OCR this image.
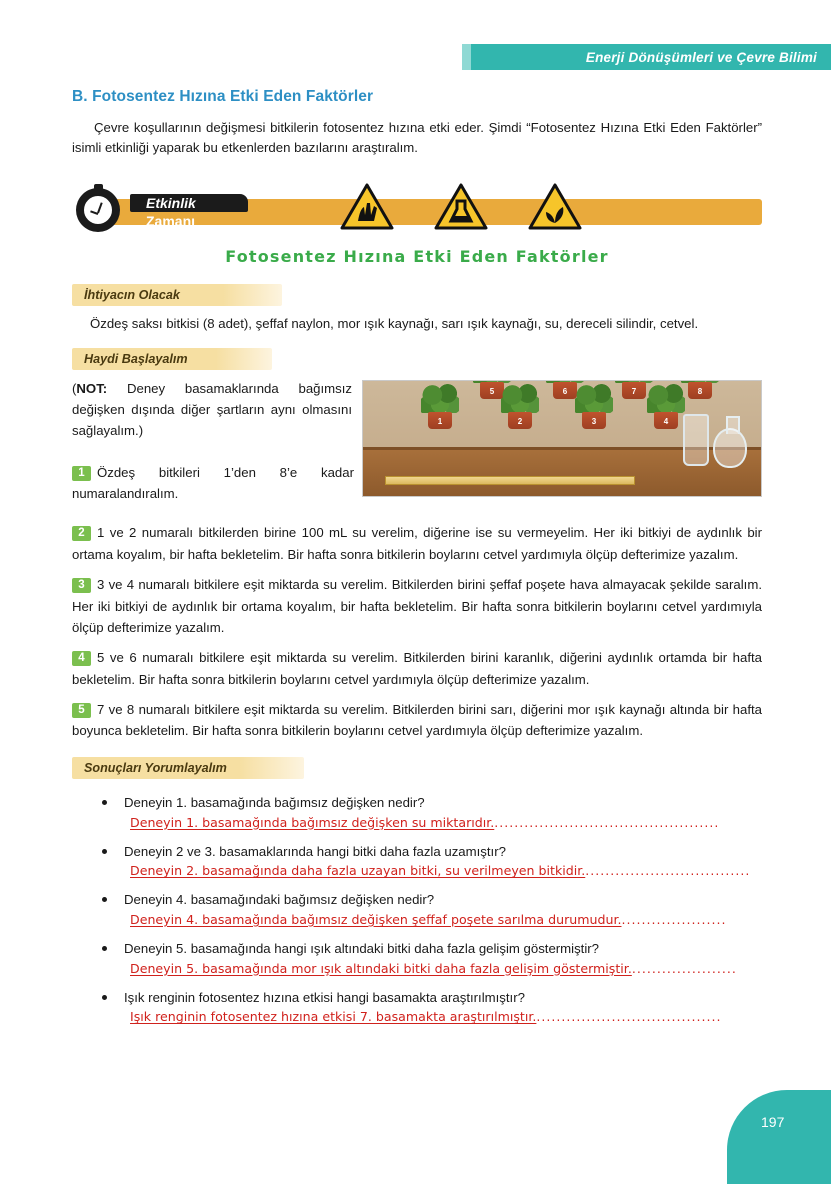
Enerji Dönüşümleri ve Çevre Bilimi
B. Fotosentez Hızına Etki Eden Faktörler

Çevre koşullarının değişmesi bitkilerin fotosentez hızına etki eder. Şimdi “Fotosentez Hızına Etki Eden Faktörler” isimli etkinliği yaparak bu etkenlerden bazılarını araştıralım.

Etkinlik
Zamanı
Fotosentez Hızına Etki Eden Faktörler
İhtiyacın Olacak

Özdeş saksı bitkisi (8 adet), şeffaf naylon, mor ışık kaynağı, sarı ışık kaynağı, su, dereceli silindir, cetvel.

Haydi Başlayalım
(NOT: Deney basamaklarında bağımsız değişken dışında diğer şartların aynı olmasını sağlayalım.)
5	6	7	8
1	2	3	4

1 Özdeş bitkileri 1’den 8’e kadar numaralandıralım.

2 1 ve 2 numaralı bitkilerden birine 100 mL su verelim, diğerine ise su vermeyelim. Her iki bitkiyi de aydınlık bir ortama koyalım, bir hafta bekletelim. Bir hafta sonra bitkilerin boylarını cetvel yardımıyla ölçüp defterimize yazalım.

3 3 ve 4 numaralı bitkilere eşit miktarda su verelim. Bitkilerden birini şeffaf poşete hava almayacak şekilde saralım. Her iki bitkiyi de aydınlık bir ortama koyalım, bir hafta bekletelim. Bir hafta sonra bitkilerin boylarını cetvel yardımıyla ölçüp defterimize yazalım.

4 5 ve 6 numaralı bitkilere eşit miktarda su verelim. Bitkilerden birini karanlık, diğerini aydınlık ortamda bir hafta bekletelim. Bir hafta sonra bitkilerin boylarını cetvel yardımıyla ölçüp defterimize yazalım.

5 7 ve 8 numaralı bitkilere eşit miktarda su verelim. Bitkilerden birini sarı, diğerini mor ışık kaynağı altında bir hafta boyunca bekletelim. Bir hafta sonra bitkilerin boylarını cetvel yardımıyla ölçüp defterimize yazalım.

Sonuçları Yorumlayalım
Deneyin 1. basamağında bağımsız değişken nedir?
Deneyin 1. basamağında bağımsız değişken su miktarıdır..............................................
Deneyin 2 ve 3. basamaklarında hangi bitki daha fazla uzamıştır?
Deneyin 2. basamağında daha fazla uzayan bitki, su verilmeyen bitkidir..................................
Deneyin 4. basamağındaki bağımsız değişken nedir?
Deneyin 4. basamağında bağımsız değişken şeffaf poşete sarılma durumudur......................
Deneyin 5. basamağında hangi ışık altındaki bitki daha fazla gelişim göstermiştir?
Deneyin 5. basamağında mor ışık altındaki bitki daha fazla gelişim göstermiştir......................
Işık renginin fotosentez hızına etkisi hangi basamakta araştırılmıştır?
Işık renginin fotosentez hızına etkisi 7. basamakta araştırılmıştır......................................
197
